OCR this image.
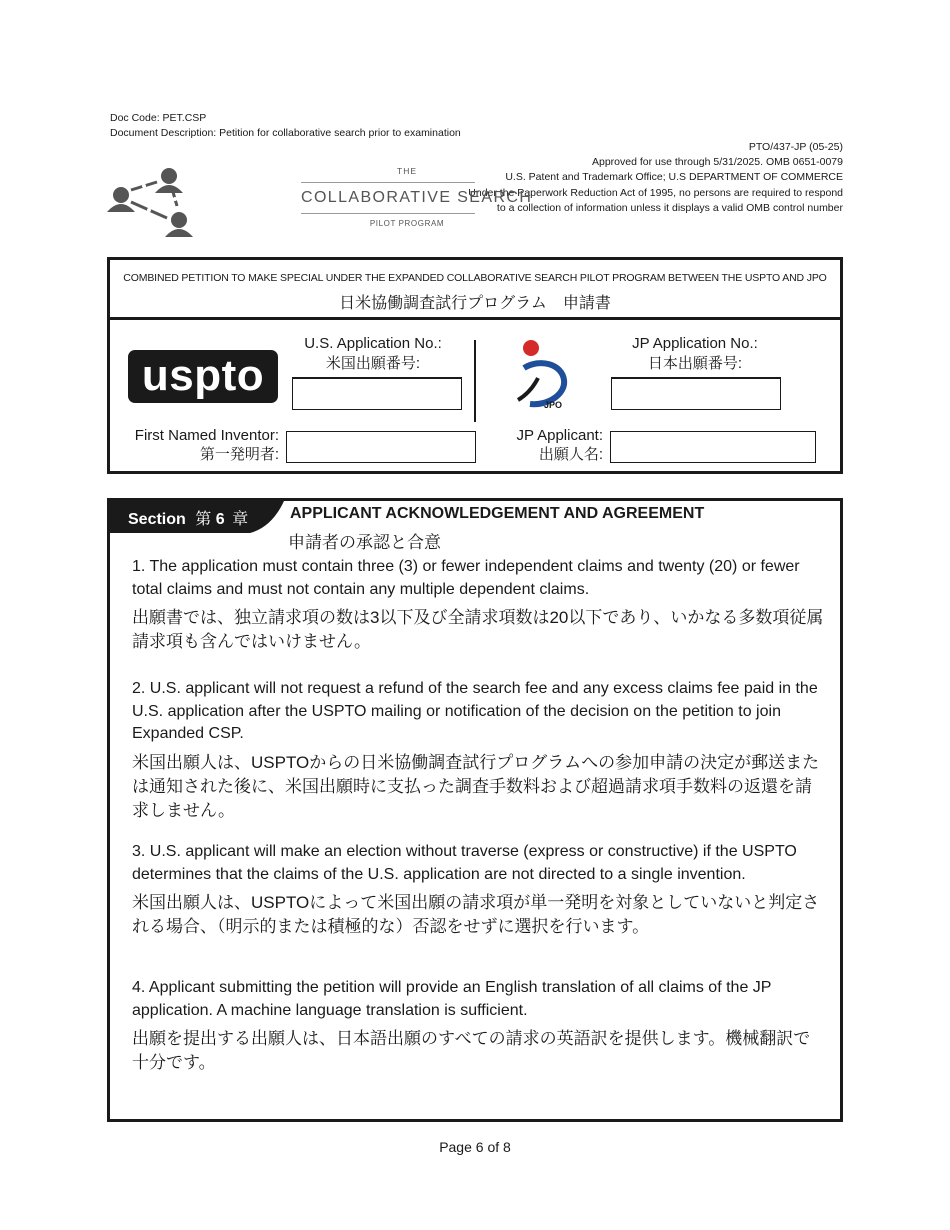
Doc Code: PET.CSP
Document Description: Petition for collaborative search prior to examination
PTO/437-JP (05-25)
Approved for use through 5/31/2025. OMB 0651-0079
U.S. Patent and Trademark Office; U.S DEPARTMENT OF COMMERCE
Under the Paperwork Reduction Act of 1995, no persons are required to respond
to a collection of information unless it displays a valid OMB control number
THE
COLLABORATIVE SEARCH
PILOT PROGRAM
COMBINED PETITION TO MAKE SPECIAL UNDER THE EXPANDED COLLABORATIVE SEARCH PILOT PROGRAM BETWEEN THE USPTO AND JPO
日米協働調査試行プログラム　申請書
uspto
U.S. Application No.:
米国出願番号:
JPO
JP Application No.:
日本出願番号:
First Named Inventor:
第一発明者:
JP Applicant:
出願人名:
Section 第 6 章	APPLICANT ACKNOWLEDGEMENT AND AGREEMENT
申請者の承認と合意
1. The application must contain three (3) or fewer independent claims and twenty (20) or fewer total claims and must not contain any multiple dependent claims.
出願書では、独立請求項の数は3以下及び全請求項数は20以下であり、いかなる多数項従属請求項も含んではいけません。
2. U.S. applicant will not request a refund of the search fee and any excess claims fee paid in the U.S. application after the USPTO mailing or notification of the decision on the petition to join Expanded CSP.
米国出願人は、USPTOからの日米協働調査試行プログラムへの参加申請の決定が郵送または通知された後に、米国出願時に支払った調査手数料および超過請求項手数料の返還を請求しません。
3. U.S. applicant will make an election without traverse (express or constructive) if the USPTO determines that the claims of the U.S. application are not directed to a single invention.
米国出願人は、USPTOによって米国出願の請求項が単一発明を対象としていないと判定される場合、（明示的または積極的な）否認をせずに選択を行います。
4. Applicant submitting the petition will provide an English translation of all claims of the JP application. A machine language translation is sufficient.
出願を提出する出願人は、日本語出願のすべての請求の英語訳を提供します。機械翻訳で十分です。
Page 6 of 8
